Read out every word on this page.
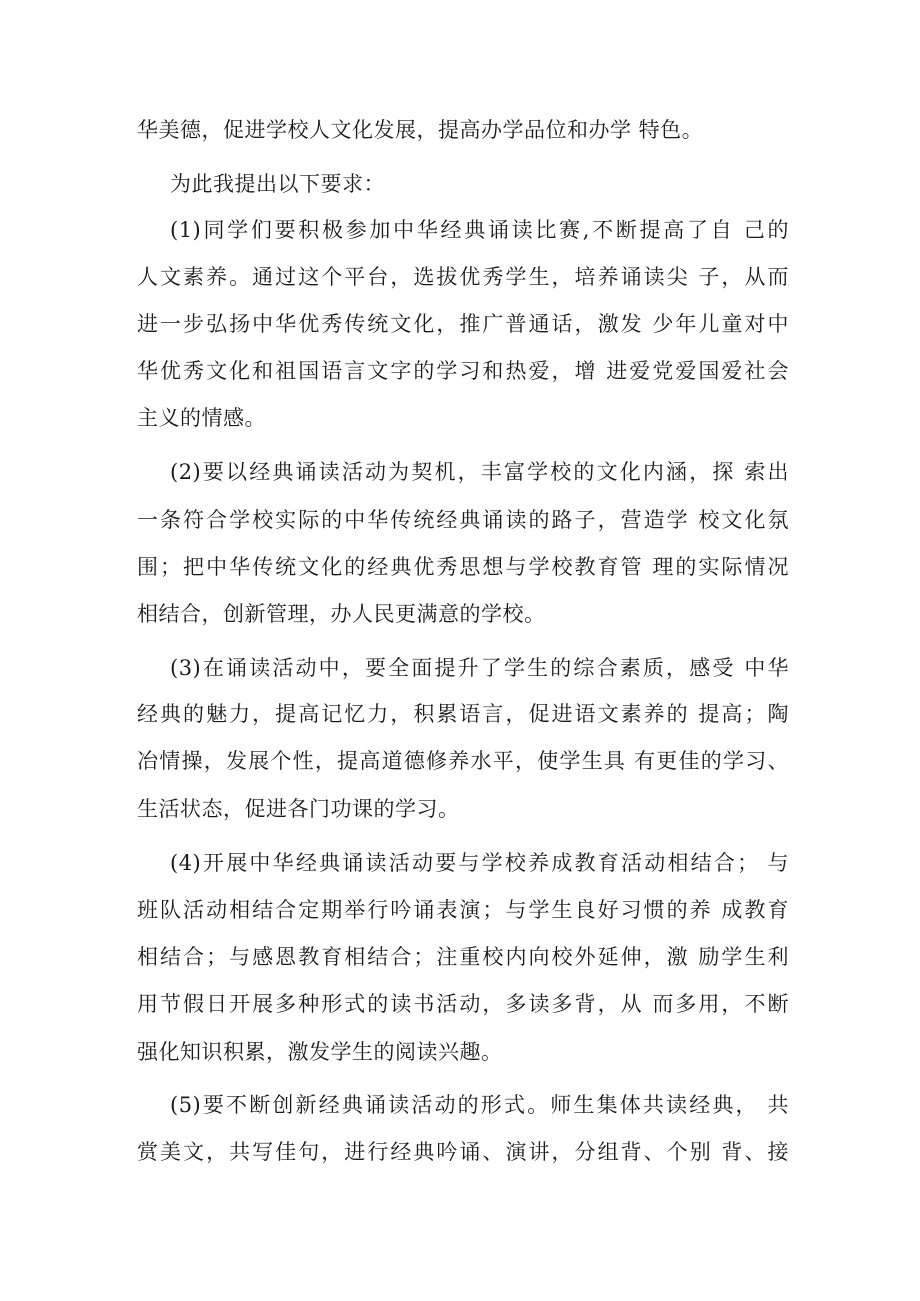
华美德，促进学校人文化发展，提高办学品位和办学 特色。
为此我提出以下要求：
(1)同学们要积极参加中华经典诵读比赛,不断提高了自 己的
人文素养。通过这个平台，选拔优秀学生，培养诵读尖 子，从而
进一步弘扬中华优秀传统文化，推广普通话，激发 少年儿童对中
华优秀文化和祖国语言文字的学习和热爱，增 进爱党爱国爱社会
主义的情感。
(2)要以经典诵读活动为契机，丰富学校的文化内涵，探 索出
一条符合学校实际的中华传统经典诵读的路子，营造学 校文化氛
围；把中华传统文化的经典优秀思想与学校教育管 理的实际情况
相结合，创新管理，办人民更满意的学校。
(3)在诵读活动中，要全面提升了学生的综合素质，感受 中华
经典的魅力，提高记忆力，积累语言，促进语文素养的 提高；陶
冶情操，发展个性，提高道德修养水平，使学生具 有更佳的学习、
生活状态，促进各门功课的学习。
(4)开展中华经典诵读活动要与学校养成教育活动相结合； 与
班队活动相结合定期举行吟诵表演；与学生良好习惯的养 成教育
相结合；与感恩教育相结合；注重校内向校外延伸，激 励学生利
用节假日开展多种形式的读书活动，多读多背，从 而多用，不断
强化知识积累，激发学生的阅读兴趣。
(5)要不断创新经典诵读活动的形式。师生集体共读经典， 共
赏美文，共写佳句，进行经典吟诵、演讲，分组背、个别 背、接
